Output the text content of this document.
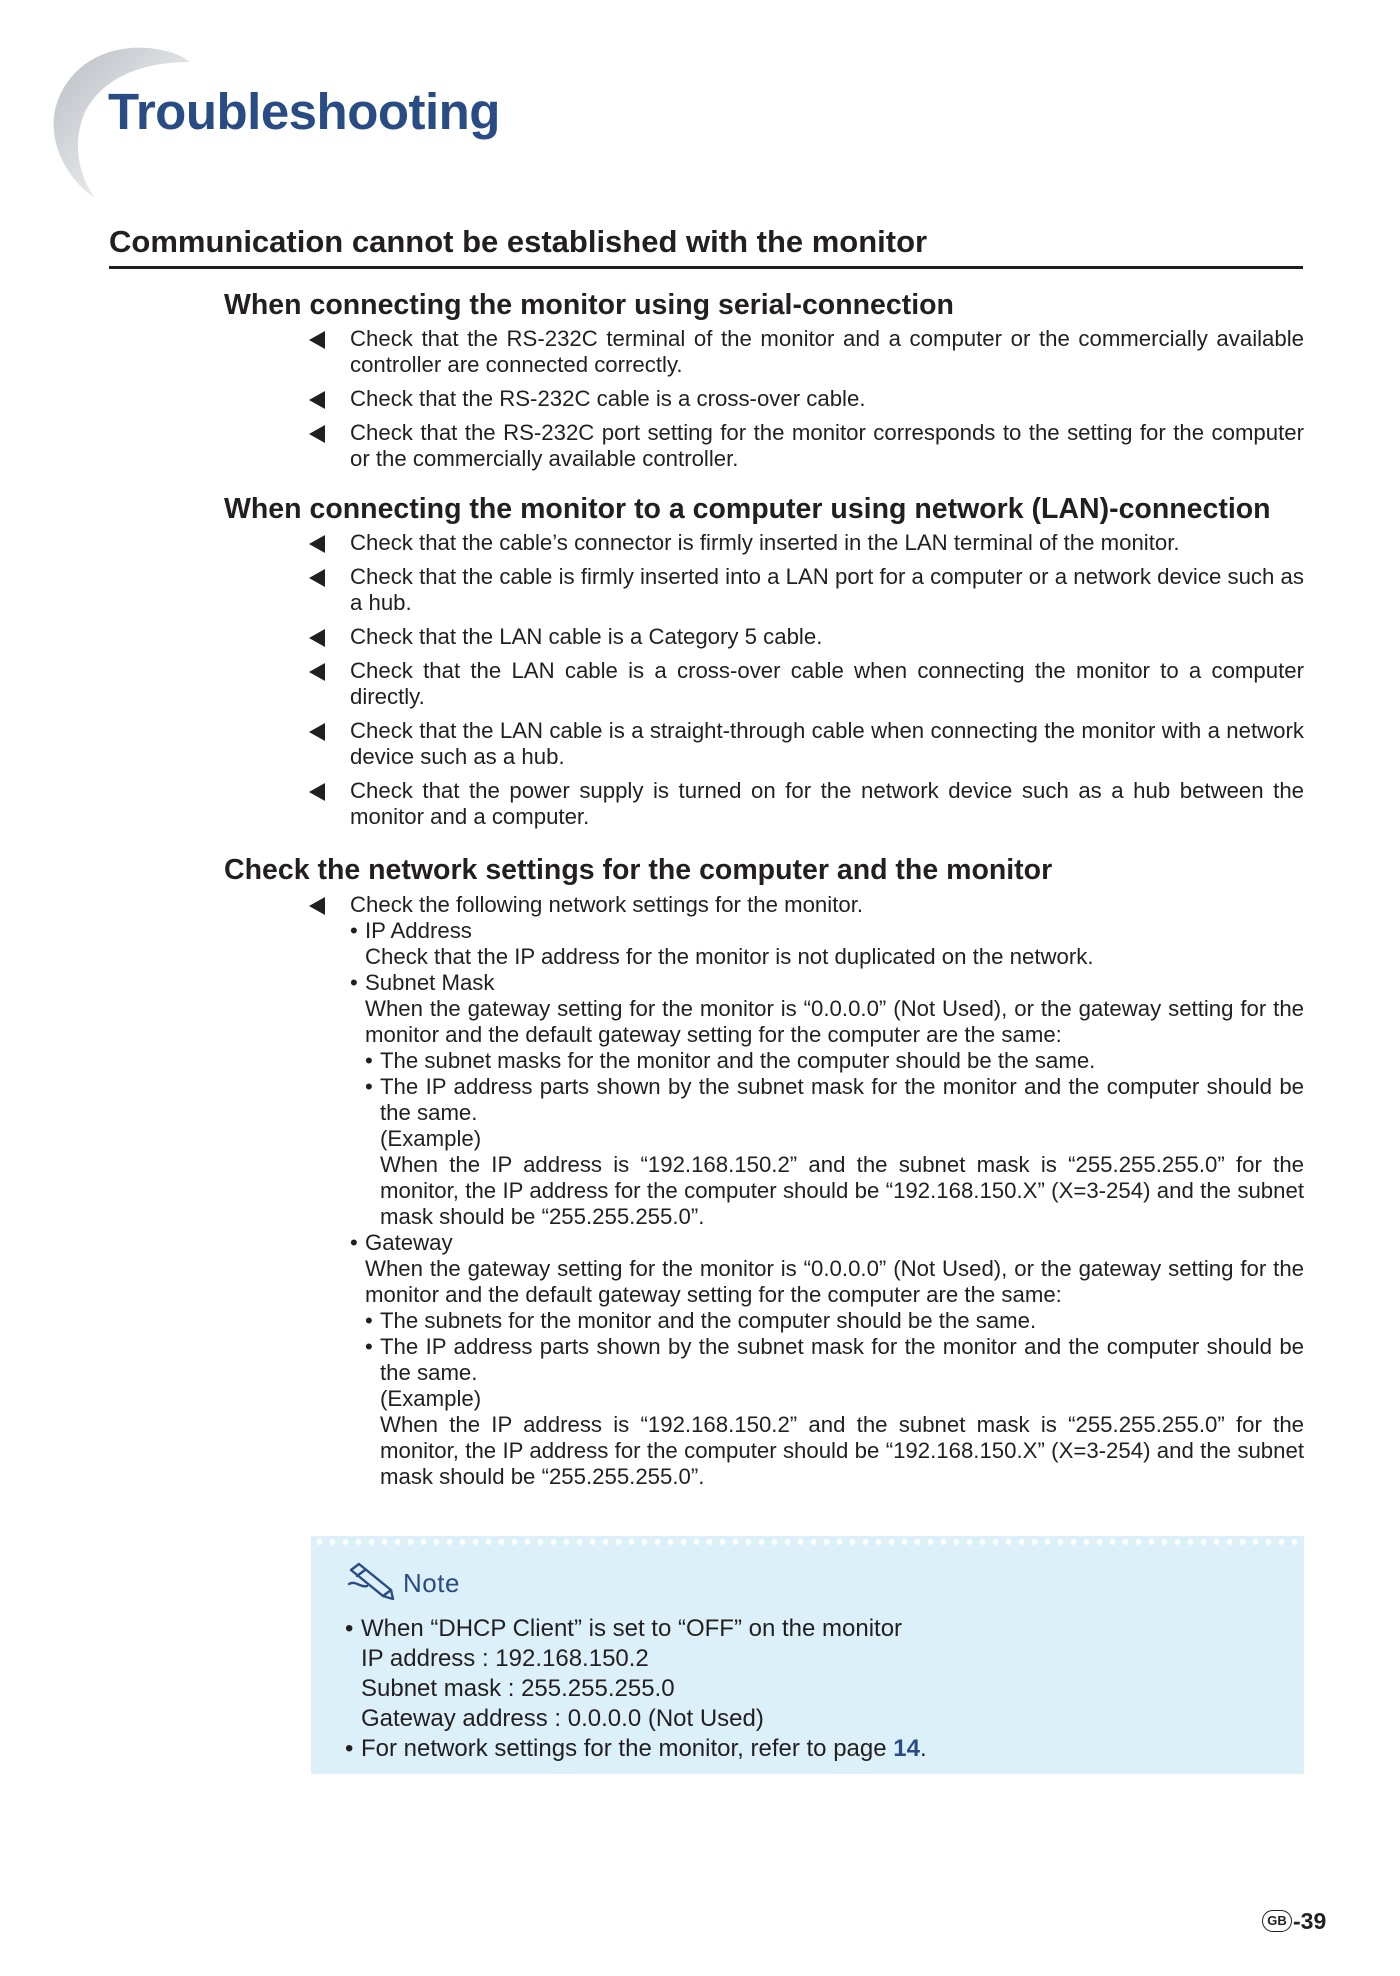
Troubleshooting
Communication cannot be established with the monitor
When connecting the monitor using serial-connection
Check that the RS-232C terminal of the monitor and a computer or the commercially available controller are connected correctly.
Check that the RS-232C cable is a cross-over cable.
Check that the RS-232C port setting for the monitor corresponds to the setting for the computer or the commercially available controller.
When connecting the monitor to a computer using network (LAN)-connection
Check that the cable’s connector is firmly inserted in the LAN terminal of the monitor.
Check that the cable is firmly inserted into a LAN port for a computer or a network device such as a hub.
Check that the LAN cable is a Category 5 cable.
Check that the LAN cable is a cross-over cable when connecting the monitor to a computer directly.
Check that the LAN cable is a straight-through cable when connecting the monitor with a network device such as a hub.
Check that the power supply is turned on for the network device such as a hub between the monitor and a computer.
Check the network settings for the computer and the monitor
Check the following network settings for the monitor.
• IP Address
Check that the IP address for the monitor is not duplicated on the network.
• Subnet Mask
When the gateway setting for the monitor is “0.0.0.0” (Not Used), or the gateway setting for the monitor and the default gateway setting for the computer are the same:
• The subnet masks for the monitor and the computer should be the same.
• The IP address parts shown by the subnet mask for the monitor and the computer should be the same.
(Example)
When the IP address is “192.168.150.2” and the subnet mask is “255.255.255.0” for the monitor, the IP address for the computer should be “192.168.150.X” (X=3-254) and the subnet mask should be “255.255.255.0”.
• Gateway
When the gateway setting for the monitor is “0.0.0.0” (Not Used), or the gateway setting for the monitor and the default gateway setting for the computer are the same:
• The subnets for the monitor and the computer should be the same.
• The IP address parts shown by the subnet mask for the monitor and the computer should be the same.
(Example)
When the IP address is “192.168.150.2” and the subnet mask is “255.255.255.0” for the monitor, the IP address for the computer should be “192.168.150.X” (X=3-254) and the subnet mask should be “255.255.255.0”.
Note
• When “DHCP Client” is set to “OFF” on the monitor
IP address : 192.168.150.2
Subnet mask : 255.255.255.0
Gateway address : 0.0.0.0 (Not Used)
• For network settings for the monitor, refer to page 14.
GB -39
